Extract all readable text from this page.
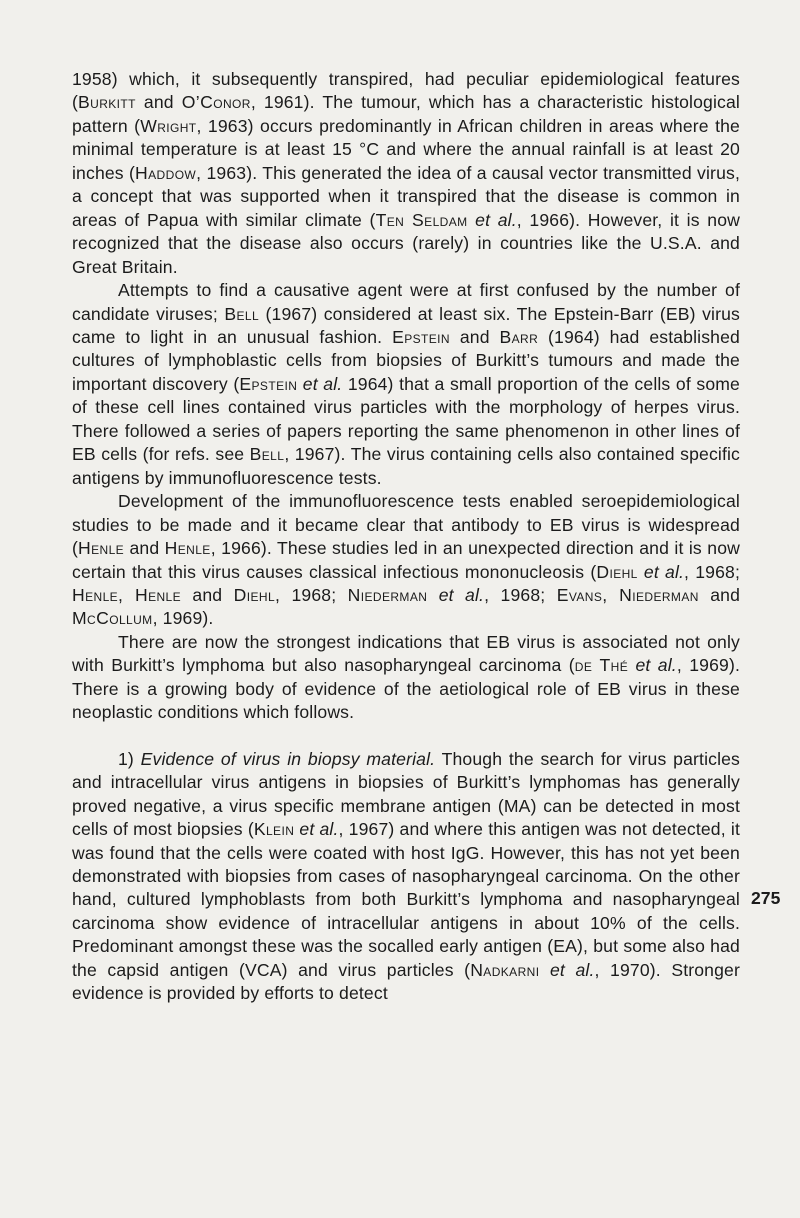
1958) which, it subsequently transpired, had peculiar epidemiological features (Burkitt and O’Conor, 1961). The tumour, which has a characteristic histological pattern (Wright, 1963) occurs predominantly in African children in areas where the minimal temperature is at least 15 °C and where the annual rainfall is at least 20 inches (Haddow, 1963). This generated the idea of a causal vector transmitted virus, a concept that was supported when it transpired that the disease is common in areas of Papua with similar climate (Ten Seldam et al., 1966). However, it is now recognized that the disease also occurs (rarely) in countries like the U.S.A. and Great Britain.

Attempts to find a causative agent were at first confused by the number of candidate viruses; Bell (1967) considered at least six. The Epstein-Barr (EB) virus came to light in an unusual fashion. Epstein and Barr (1964) had established cultures of lymphoblastic cells from biopsies of Burkitt’s tumours and made the important discovery (Epstein et al. 1964) that a small proportion of the cells of some of these cell lines contained virus particles with the morphology of herpes virus. There followed a series of papers reporting the same phenomenon in other lines of EB cells (for refs. see Bell, 1967). The virus containing cells also contained specific antigens by immunofluorescence tests.

Development of the immunofluorescence tests enabled seroepidemiological studies to be made and it became clear that antibody to EB virus is widespread (Henle and Henle, 1966). These studies led in an unexpected direction and it is now certain that this virus causes classical infectious mononucleosis (Diehl et al., 1968; Henle, Henle and Diehl, 1968; Niederman et al., 1968; Evans, Niederman and McCollum, 1969).

There are now the strongest indications that EB virus is associated not only with Burkitt’s lymphoma but also nasopharyngeal carcinoma (de Thé et al., 1969). There is a growing body of evidence of the aetiological role of EB virus in these neoplastic conditions which follows.

1) Evidence of virus in biopsy material. Though the search for virus particles and intracellular virus antigens in biopsies of Burkitt’s lymphomas has generally proved negative, a virus specific membrane antigen (MA) can be detected in most cells of most biopsies (Klein et al., 1967) and where this antigen was not detected, it was found that the cells were coated with host IgG. However, this has not yet been demonstrated with biopsies from cases of nasopharyngeal carcinoma. On the other hand, cultured lymphoblasts from both Burkitt’s lymphoma and nasopharyngeal carcinoma show evidence of intracellular antigens in about 10% of the cells. Predominant amongst these was the socalled early antigen (EA), but some also had the capsid antigen (VCA) and virus particles (Nadkarni et al., 1970). Stronger evidence is provided by efforts to detect

275
